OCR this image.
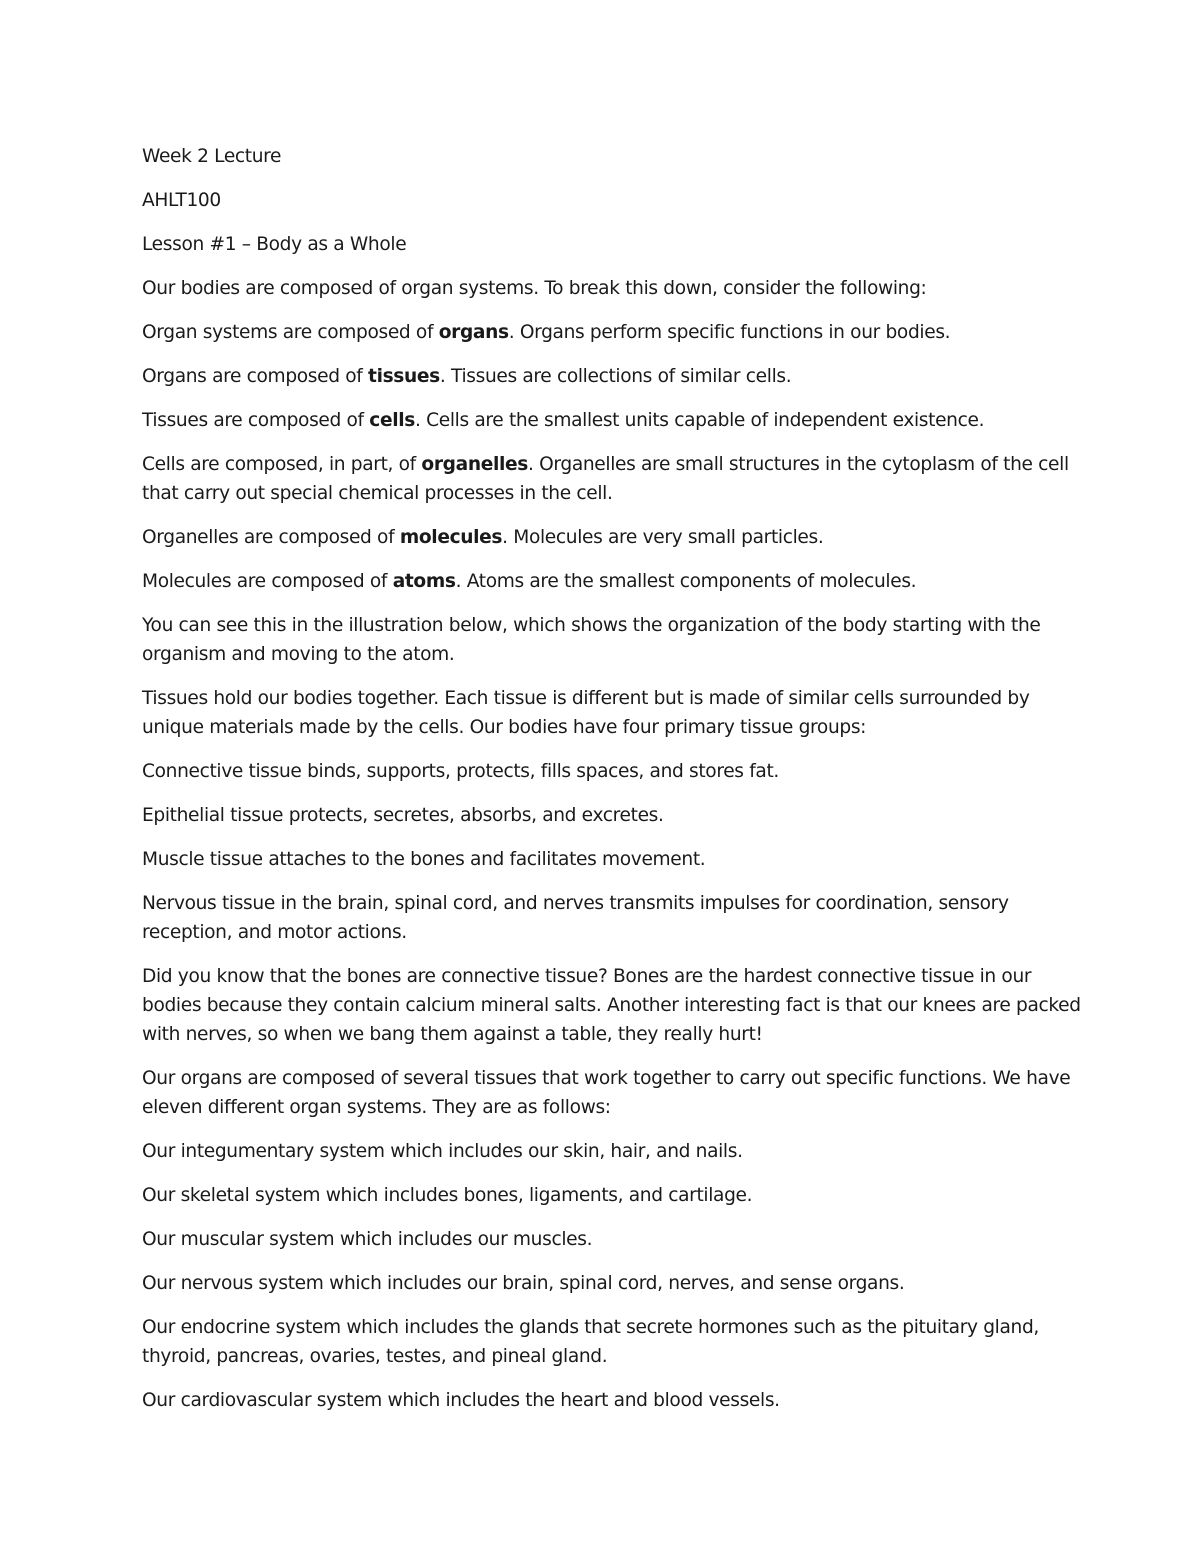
Week 2 Lecture

AHLT100

Lesson #1 – Body as a Whole

Our bodies are composed of organ systems. To break this down, consider the following:

Organ systems are composed of organs. Organs perform specific functions in our bodies.

Organs are composed of tissues. Tissues are collections of similar cells.

Tissues are composed of cells. Cells are the smallest units capable of independent existence.

Cells are composed, in part, of organelles. Organelles are small structures in the cytoplasm of the cell
that carry out special chemical processes in the cell.

Organelles are composed of molecules. Molecules are very small particles.

Molecules are composed of atoms. Atoms are the smallest components of molecules.

You can see this in the illustration below, which shows the organization of the body starting with the
organism and moving to the atom.

Tissues hold our bodies together. Each tissue is different but is made of similar cells surrounded by
unique materials made by the cells. Our bodies have four primary tissue groups:

Connective tissue binds, supports, protects, fills spaces, and stores fat.

Epithelial tissue protects, secretes, absorbs, and excretes.

Muscle tissue attaches to the bones and facilitates movement.

Nervous tissue in the brain, spinal cord, and nerves transmits impulses for coordination, sensory
reception, and motor actions.

Did you know that the bones are connective tissue? Bones are the hardest connective tissue in our
bodies because they contain calcium mineral salts. Another interesting fact is that our knees are packed
with nerves, so when we bang them against a table, they really hurt!

Our organs are composed of several tissues that work together to carry out specific functions. We have
eleven different organ systems. They are as follows:

Our integumentary system which includes our skin, hair, and nails.

Our skeletal system which includes bones, ligaments, and cartilage.

Our muscular system which includes our muscles.

Our nervous system which includes our brain, spinal cord, nerves, and sense organs.

Our endocrine system which includes the glands that secrete hormones such as the pituitary gland,
thyroid, pancreas, ovaries, testes, and pineal gland.

Our cardiovascular system which includes the heart and blood vessels.
